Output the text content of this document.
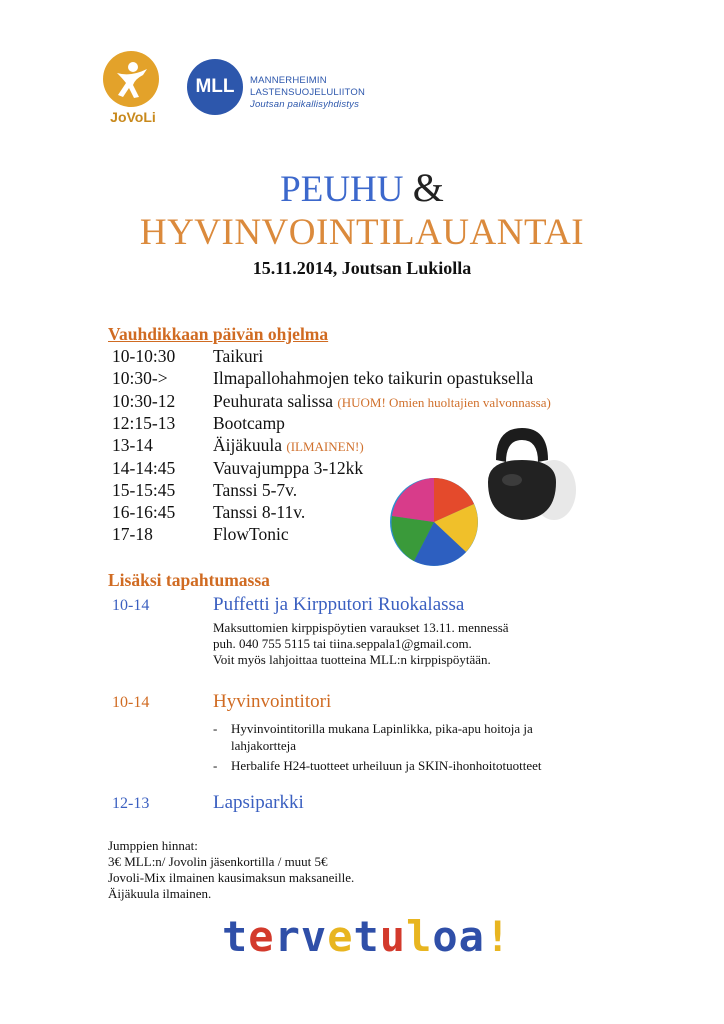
JoVoLi
MLL	MANNERHEIMIN
LASTENSUOJELULIITON
Joutsan paikallisyhdistys
PEUHU &
HYVINVOINTILAUANTAI
15.11.2014, Joutsan Lukiolla
Vauhdikkaan päivän ohjelma
10-10:30 Taikuri
10:30->	Ilmapallohahmojen teko taikurin opastuksella
10:30-12 Peuhurata salissa (HUOM! Omien huoltajien valvonnassa)
12:15-13 Bootcamp
13-14	Äijäkuula (ILMAINEN!)
14-14:45 Vauvajumppa 3-12kk
15-15:45 Tanssi 5-7v.
16-16:45 Tanssi 8-11v.
17-18	FlowTonic
Lisäksi tapahtumassa
10-14	Puffetti ja Kirpputori Ruokalassa
Maksuttomien kirppispöytien varaukset 13.11. mennessä
puh. 040 755 5115 tai tiina.seppala1@gmail.com.
Voit myös lahjoittaa tuotteina MLL:n kirppispöytään.
10-14	Hyvinvointitori
- Hyvinvointitorilla mukana Lapinlikka, pika-apu hoitoja ja
lahjakortteja
- Herbalife H24-tuotteet urheiluun ja SKIN-ihonhoitotuotteet
12-13	Lapsiparkki
Jumppien hinnat:
3€ MLL:n/ Jovolin jäsenkortilla / muut 5€
Jovoli-Mix ilmainen kausimaksun maksaneille.
Äijäkuula ilmainen.
tervetuloa!
